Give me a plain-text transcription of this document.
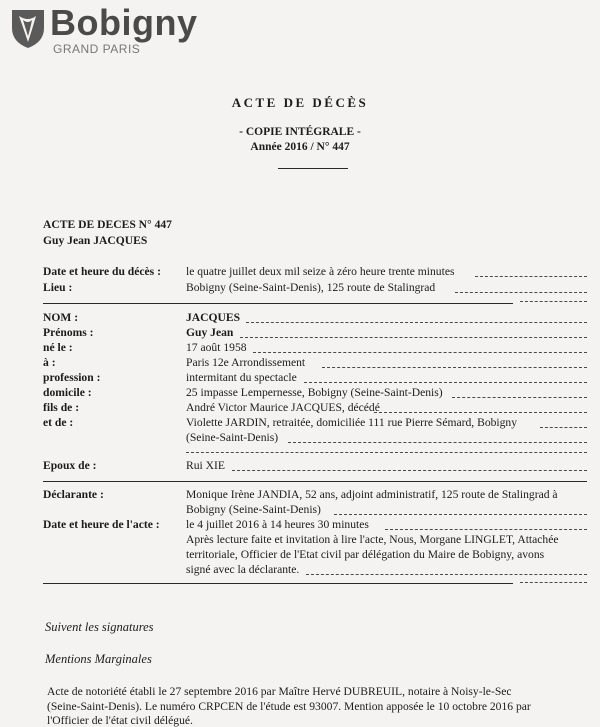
Bobigny
GRAND PARIS
ACTE DE DÉCÈS
- COPIE INTÉGRALE -
Année 2016 / N° 447
ACTE DE DECES N° 447
Guy Jean JACQUES
Date et heure du décès : le quatre juillet deux mil seize à zéro heure trente minutes
Lieu :	Bobigny (Seine-Saint-Denis), 125 route de Stalingrad
NOM :	JACQUES
Prénoms :	Guy Jean
né le :	17 août 1958
à :	Paris 12e Arrondissement
profession :	intermitant du spectacle
domicile :	25 impasse Lempernesse, Bobigny (Seine-Saint-Denis)
fils de :	André Victor Maurice JACQUES, décédé
et de :	Violette JARDIN, retraitée, domiciliée 111 rue Pierre Sémard, Bobigny
(Seine-Saint-Denis)
Epoux de :	Rui XIE
Déclarante :	Monique Irène JANDIA, 52 ans, adjoint administratif, 125 route de Stalingrad à
Bobigny (Seine-Saint-Denis)
Date et heure de l'acte : le 4 juillet 2016 à 14 heures 30 minutes
Après lecture faite et invitation à lire l'acte, Nous, Morgane LINGLET, Attachée
territoriale, Officier de l'Etat civil par délégation du Maire de Bobigny, avons
signé avec la déclarante.
Suivent les signatures
Mentions Marginales
Acte de notoriété établi le 27 septembre 2016 par Maître Hervé DUBREUIL, notaire à Noisy-le-Sec
(Seine-Saint-Denis). Le numéro CRPCEN de l'étude est 93007. Mention apposée le 10 octobre 2016 par
l'Officier de l'état civil délégué.
